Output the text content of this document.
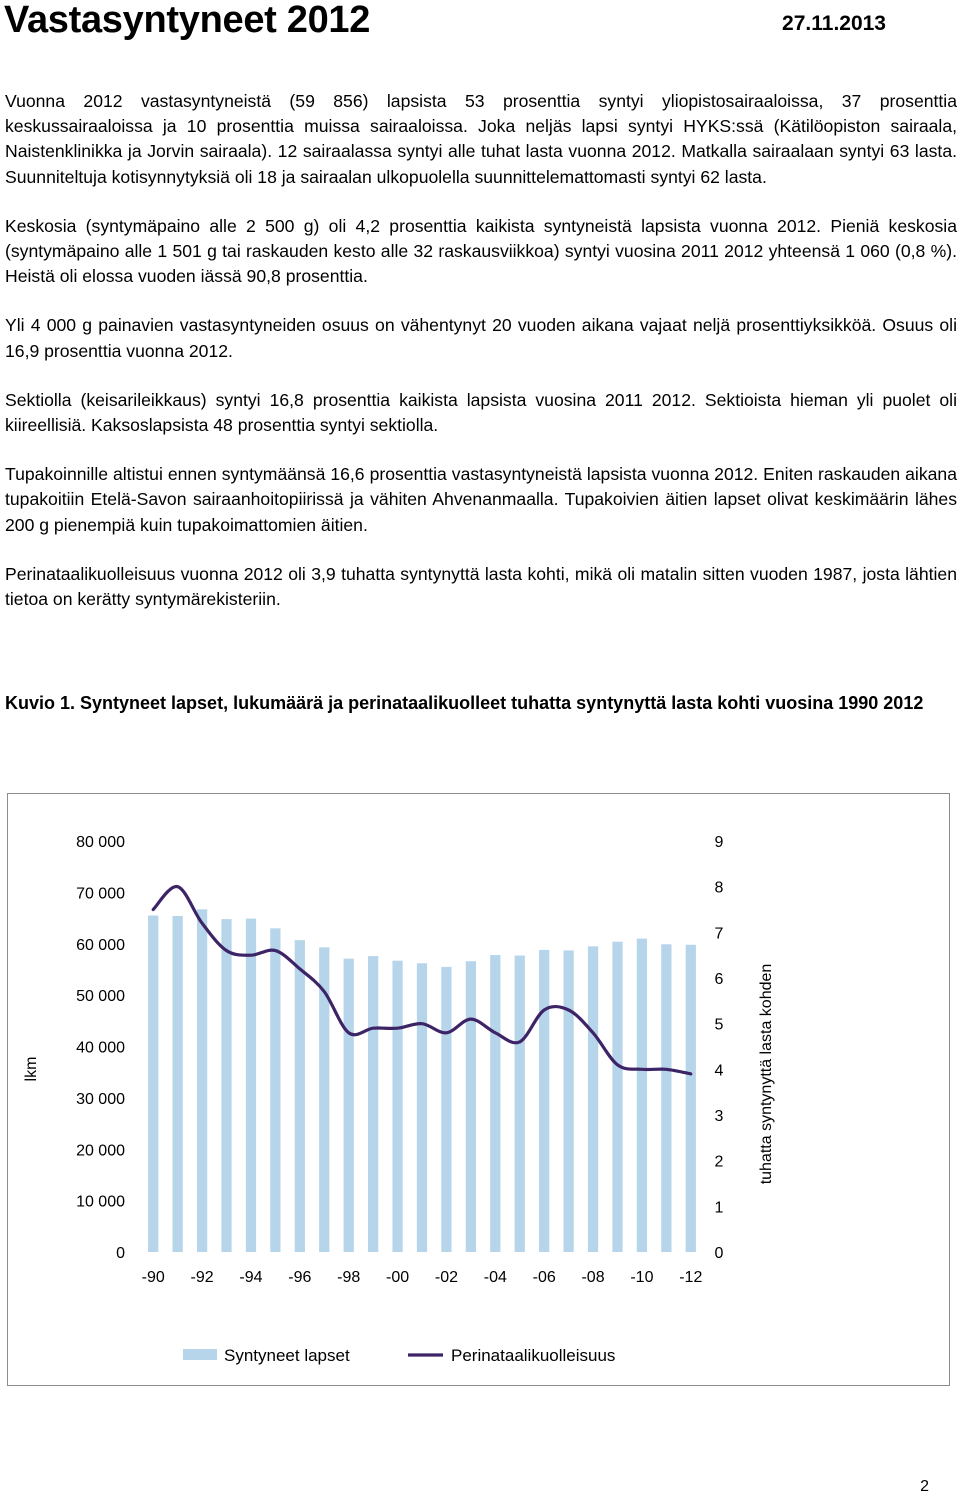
Vastasyntyneet 2012	27.11.2013

Vuonna 2012 vastasyntyneistä (59 856) lapsista 53 prosenttia syntyi yliopistosairaaloissa, 37 prosenttia keskussairaaloissa ja 10 prosenttia muissa sairaaloissa. Joka neljäs lapsi syntyi HYKS:ssä (Kätilöopiston sairaala, Naistenklinikka ja Jorvin sairaala). 12 sairaalassa syntyi alle tuhat lasta vuonna 2012. Matkalla sairaalaan syntyi 63 lasta. Suunniteltuja kotisynnytyksiä oli 18 ja sairaalan ulkopuolella suunnittelemattomasti syntyi 62 lasta.

Keskosia (syntymäpaino alle 2 500 g) oli 4,2 prosenttia kaikista syntyneistä lapsista vuonna 2012. Pieniä keskosia (syntymäpaino alle 1 501 g tai raskauden kesto alle 32 raskausviikkoa) syntyi vuosina 2011 2012 yhteensä 1 060 (0,8 %). Heistä oli elossa vuoden iässä 90,8 prosenttia.

Yli 4 000 g painavien vastasyntyneiden osuus on vähentynyt 20 vuoden aikana vajaat neljä prosenttiyksikköä. Osuus oli 16,9 prosenttia vuonna 2012.

Sektiolla (keisarileikkaus) syntyi 16,8 prosenttia kaikista lapsista vuosina 2011 2012. Sektioista hieman yli puolet oli kiireellisiä. Kaksoslapsista 48 prosenttia syntyi sektiolla.

Tupakoinnille altistui ennen syntymäänsä 16,6 prosenttia vastasyntyneistä lapsista vuonna 2012. Eniten raskauden aikana tupakoitiin Etelä-Savon sairaanhoitopiirissä ja vähiten Ahvenanmaalla. Tupakoivien äitien lapset olivat keskimäärin lähes 200 g pienempiä kuin tupakoimattomien äitien.

Perinataalikuolleisuus vuonna 2012 oli 3,9 tuhatta syntynyttä lasta kohti, mikä oli matalin sitten vuoden 1987, josta lähtien tietoa on kerätty syntymärekisteriin.

Kuvio 1. Syntyneet lapset, lukumäärä ja perinataalikuolleet tuhatta syntynyttä lasta kohti vuosina 1990 2012
0
10 000
20 000
30 000
40 000
50 000
60 000
70 000
80 000
0
1
2
3
4
5
6
7
8
9
lkm	tuhatta syntynyttä lasta kohden
-90 -92 -94 -96 -98 -00 -02 -04 -06 -08 -10 -12
Syntyneet lapset	Perinataalikuolleisuus
2
